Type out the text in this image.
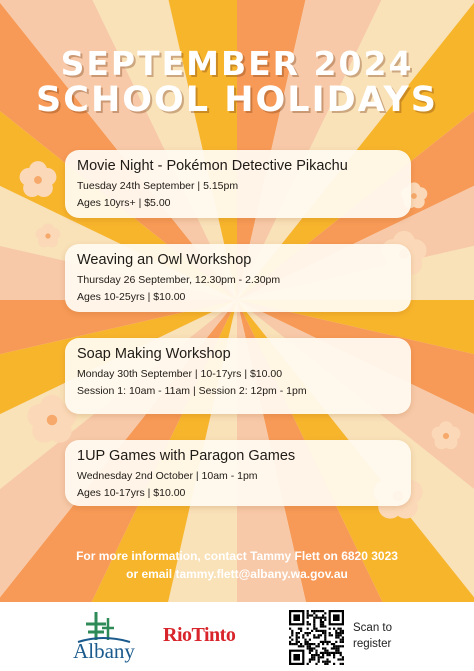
SEPTEMBER 2024
SCHOOL HOLIDAYS
Movie Night - Pokémon Detective Pikachu

Tuesday 24th September | 5.15pm

Ages 10yrs+ | $5.00

Weaving an Owl Workshop

Thursday 26 September, 12.30pm - 2.30pm

Ages 10-25yrs | $10.00

Soap Making Workshop

Monday 30th September | 10-17yrs | $10.00

Session 1: 10am - 11am | Session 2: 12pm - 1pm

1UP Games with Paragon Games

Wednesday 2nd October | 10am - 1pm

Ages 10-17yrs | $10.00

For more information, contact Tammy Flett on 6820 3023
or email tammy.flett@albany.wa.gov.au
Albany
RioTinto	Scan to
register
